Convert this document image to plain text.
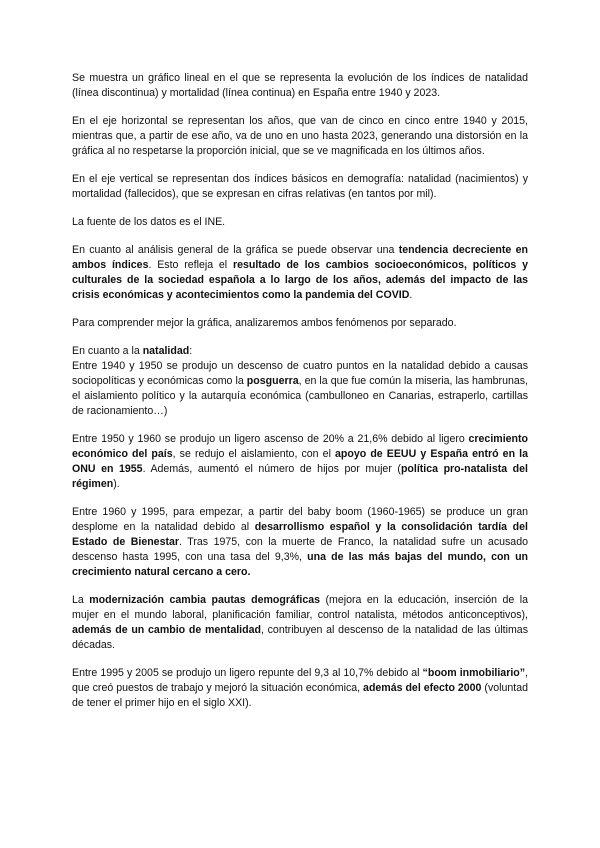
Se muestra un gráfico lineal en el que se representa la evolución de los índices de natalidad (línea discontinua) y mortalidad (línea continua) en España entre 1940 y 2023.

En el eje horizontal se representan los años, que van de cinco en cinco entre 1940 y 2015, mientras que, a partir de ese año, va de uno en uno hasta 2023, generando una distorsión en la gráfica al no respetarse la proporción inicial, que se ve magnificada en los últimos años.

En el eje vertical se representan dos índices básicos en demografía: natalidad (nacimientos) y mortalidad (fallecidos), que se expresan en cifras relativas (en tantos por mil).

La fuente de los datos es el INE.

En cuanto al análisis general de la gráfica se puede observar una tendencia decreciente en ambos índices. Esto refleja el resultado de los cambios socioeconómicos, políticos y culturales de la sociedad española a lo largo de los años, además del impacto de las crisis económicas y acontecimientos como la pandemia del COVID.

Para comprender mejor la gráfica, analizaremos ambos fenómenos por separado.

En cuanto a la natalidad:
Entre 1940 y 1950 se produjo un descenso de cuatro puntos en la natalidad debido a causas sociopolíticas y económicas como la posguerra, en la que fue común la miseria, las hambrunas, el aislamiento político y la autarquía económica (cambulloneo en Canarias, estraperlo, cartillas de racionamiento…)

Entre 1950 y 1960 se produjo un ligero ascenso de 20% a 21,6% debido al ligero crecimiento económico del país, se redujo el aislamiento, con el apoyo de EEUU y España entró en la ONU en 1955. Además, aumentó el número de hijos por mujer (política pro-natalista del régimen).

Entre 1960 y 1995, para empezar, a partir del baby boom (1960-1965) se produce un gran desplome en la natalidad debido al desarrollismo español y la consolidación tardía del Estado de Bienestar. Tras 1975, con la muerte de Franco, la natalidad sufre un acusado descenso hasta 1995, con una tasa del 9,3%, una de las más bajas del mundo, con un crecimiento natural cercano a cero.

La modernización cambia pautas demográficas (mejora en la educación, inserción de la mujer en el mundo laboral, planificación familiar, control natalista, métodos anticonceptivos), además de un cambio de mentalidad, contribuyen al descenso de la natalidad de las últimas décadas.

Entre 1995 y 2005 se produjo un ligero repunte del 9,3 al 10,7% debido al “boom inmobiliario”, que creó puestos de trabajo y mejoró la situación económica, además del efecto 2000 (voluntad de tener el primer hijo en el siglo XXI).
